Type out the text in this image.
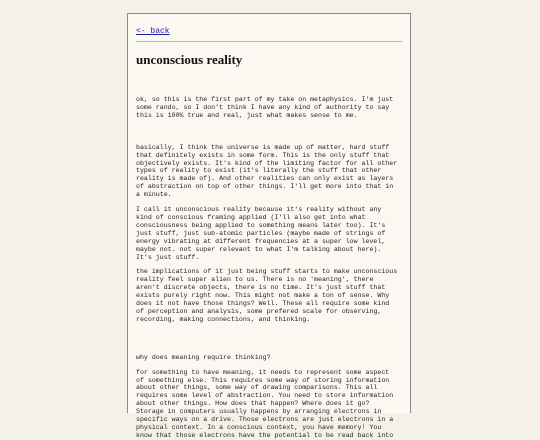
<- back
unconscious reality

ok, so this is the first part of my take on metaphysics. I'm just
some rando, so I don't think I have any kind of authority to say
this is 100% true and real, just what makes sense to me.

basically, I think the universe is made up of matter, hard stuff
that definitely exists in some form. This is the only stuff that
objectively exists. It's kind of the limiting factor for all other
types of reality to exist (it's literally the stuff that other
reality is made of). And other realities can only exist as layers
of abstraction on top of other things. I'll get more into that in
a minute.

I call it unconscious reality because it's reality without any
kind of conscious framing applied (I'll also get into what
consciousness being applied to something means later too). It's
just stuff, just sub-atomic particles (maybe made of strings of
energy vibrating at different frequencies at a super low level,
maybe not. not super relevant to what I'm talking about here).
It's just stuff.

the implications of it just being stuff starts to make unconscious
reality feel super alien to us. There is no 'meaning', there
aren't discrete objects, there is no time. It's just stuff that
exists purely right now. This might not make a ton of sense. Why
does it not have those things? Well. These all require some kind
of perception and analysis, some prefered scale for observing,
recording, making connections, and thinking.

why does meaning require thinking?

for something to have meaning, it needs to represent some aspect
of something else. This requires some way of storing information
about other things, some way of drawing comparisons. This all
requires some level of abstraction. You need to store information
about other things. How does that happen? Where does it go?
Storage in computers usually happens by arranging electrons in
specific ways on a drive. Those electrons are just electrons in a
physical context. In a conscious context, you have memory! You
know that those electrons have the potential to be read back into
